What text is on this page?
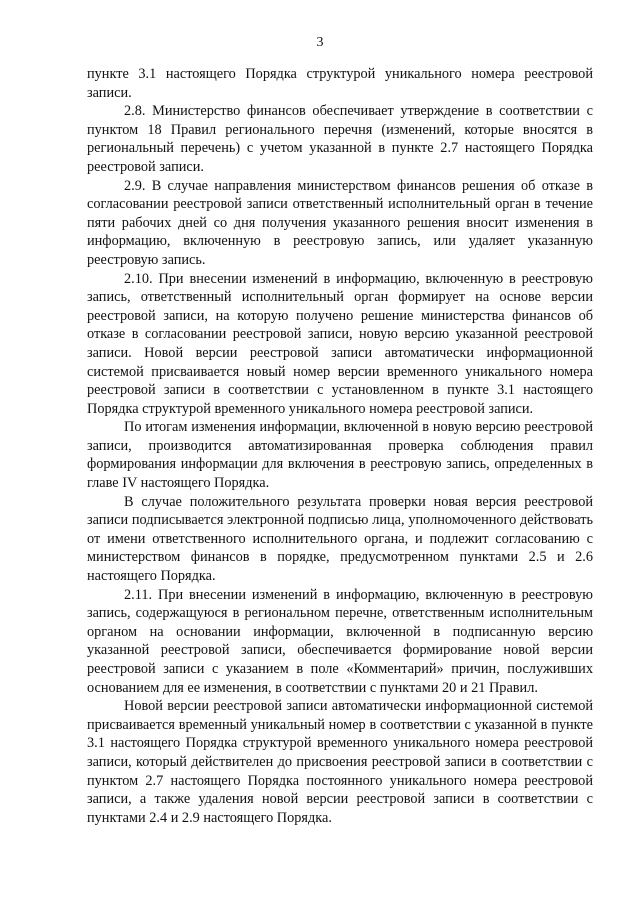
3

пункте 3.1 настоящего Порядка структурой уникального номера реестровой записи.

2.8. Министерство финансов обеспечивает утверждение в соответствии с пунктом 18 Правил регионального перечня (изменений, которые вносятся в региональный перечень) с учетом указанной в пункте 2.7 настоящего Порядка реестровой записи.

2.9. В случае направления министерством финансов решения об отказе в согласовании реестровой записи ответственный исполнительный орган в течение пяти рабочих дней со дня получения указанного решения вносит изменения в информацию, включенную в реестровую запись, или удаляет указанную реестровую запись.

2.10. При внесении изменений в информацию, включенную в реестровую запись, ответственный исполнительный орган формирует на основе версии реестровой записи, на которую получено решение министерства финансов об отказе в согласовании реестровой записи, новую версию указанной реестровой записи. Новой версии реестровой записи автоматически информационной системой присваивается новый номер версии временного уникального номера реестровой записи в соответствии с установленном в пункте 3.1 настоящего Порядка структурой временного уникального номера реестровой записи.

По итогам изменения информации, включенной в новую версию реестровой записи, производится автоматизированная проверка соблюдения правил формирования информации для включения в реестровую запись, определенных в главе IV настоящего Порядка.

В случае положительного результата проверки новая версия реестровой записи подписывается электронной подписью лица, уполномоченного действовать от имени ответственного исполнительного органа, и подлежит согласованию с министерством финансов в порядке, предусмотренном пунктами 2.5 и 2.6 настоящего Порядка.

2.11. При внесении изменений в информацию, включенную в реестровую запись, содержащуюся в региональном перечне, ответственным исполнительным органом на основании информации, включенной в подписанную версию указанной реестровой записи, обеспечивается формирование новой версии реестровой записи с указанием в поле «Комментарий» причин, послуживших основанием для ее изменения, в соответствии с пунктами 20 и 21 Правил.

Новой версии реестровой записи автоматически информационной системой присваивается временный уникальный номер в соответствии с указанной в пункте 3.1 настоящего Порядка структурой временного уникального номера реестровой записи, который действителен до присвоения реестровой записи в соответствии с пунктом 2.7 настоящего Порядка постоянного уникального номера реестровой записи, а также удаления новой версии реестровой записи в соответствии с пунктами 2.4 и 2.9 настоящего Порядка.
